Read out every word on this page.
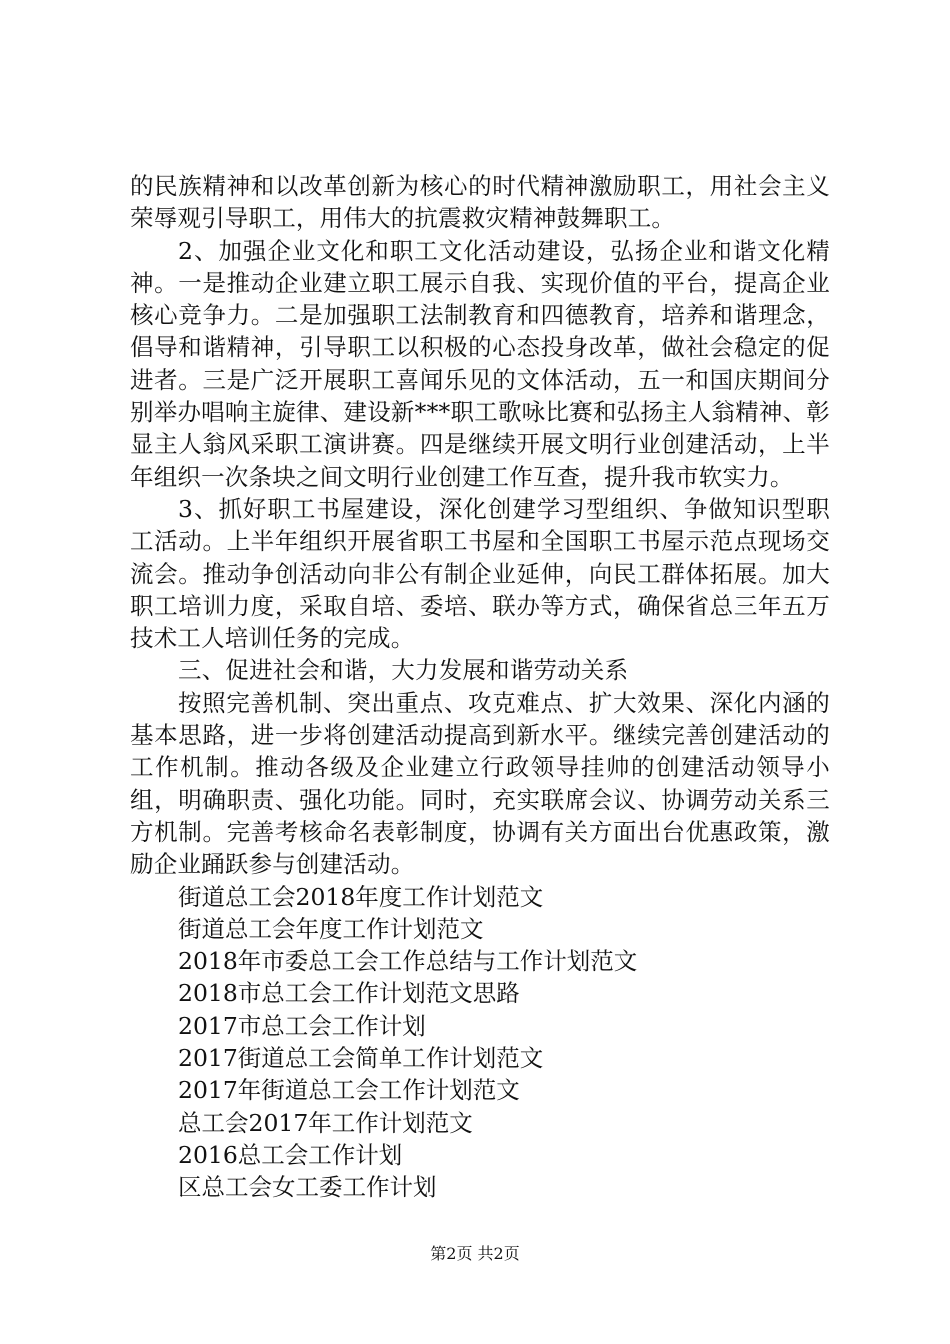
的民族精神和以改革创新为核心的时代精神激励职工，用社会主义荣辱观引导职工，用伟大的抗震救灾精神鼓舞职工。

2、加强企业文化和职工文化活动建设，弘扬企业和谐文化精神。一是推动企业建立职工展示自我、实现价值的平台，提高企业核心竞争力。二是加强职工法制教育和四德教育，培养和谐理念，倡导和谐精神，引导职工以积极的心态投身改革，做社会稳定的促进者。三是广泛开展职工喜闻乐见的文体活动，五一和国庆期间分别举办唱响主旋律、建设新***职工歌咏比赛和弘扬主人翁精神、彰显主人翁风采职工演讲赛。四是继续开展文明行业创建活动，上半年组织一次条块之间文明行业创建工作互查，提升我市软实力。

3、抓好职工书屋建设，深化创建学习型组织、争做知识型职工活动。上半年组织开展省职工书屋和全国职工书屋示范点现场交流会。推动争创活动向非公有制企业延伸，向民工群体拓展。加大职工培训力度，采取自培、委培、联办等方式，确保省总三年五万技术工人培训任务的完成。

三、促进社会和谐，大力发展和谐劳动关系

按照完善机制、突出重点、攻克难点、扩大效果、深化内涵的基本思路，进一步将创建活动提高到新水平。继续完善创建活动的工作机制。推动各级及企业建立行政领导挂帅的创建活动领导小组，明确职责、强化功能。同时，充实联席会议、协调劳动关系三方机制。完善考核命名表彰制度，协调有关方面出台优惠政策，激励企业踊跃参与创建活动。

街道总工会2018年度工作计划范文
街道总工会年度工作计划范文
2018年市委总工会工作总结与工作计划范文
2018市总工会工作计划范文思路
2017市总工会工作计划
2017街道总工会简单工作计划范文
2017年街道总工会工作计划范文
总工会2017年工作计划范文
2016总工会工作计划
区总工会女工委工作计划
第2页 共2页
